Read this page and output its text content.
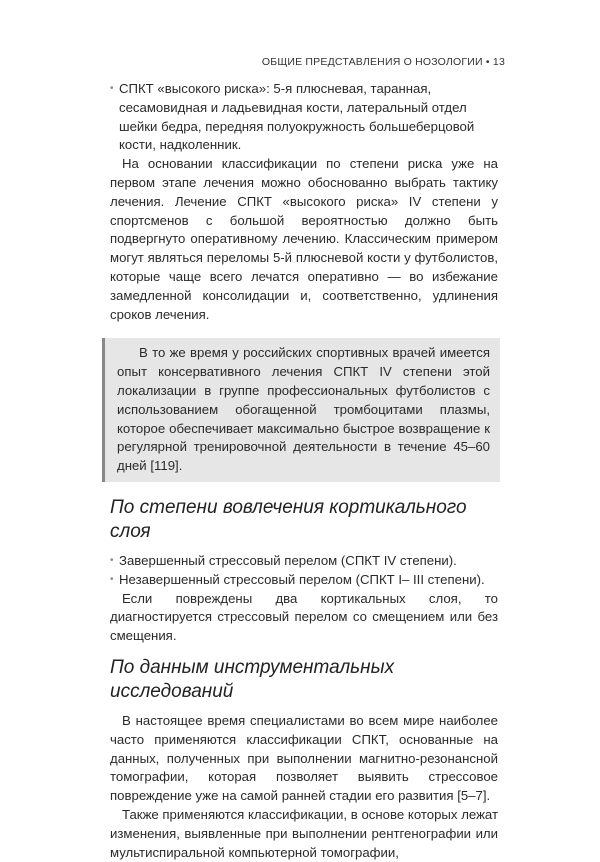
ОБЩИЕ ПРЕДСТАВЛЕНИЯ О НОЗОЛОГИИ • 13
• СПКТ «высокого риска»: 5-я плюсневая, таранная, сесамовидная и ладьевидная кости, латеральный отдел шейки бедра, передняя полуокружность большеберцовой кости, надколенник.

На основании классификации по степени риска уже на первом этапе лечения можно обоснованно выбрать тактику лечения. Лечение СПКТ «высокого риска» IV степени у спортсменов с большой вероятностью должно быть подвергнуто оперативному лечению. Классическим примером могут являться переломы 5-й плюсневой кости у футболистов, которые чаще всего лечатся оперативно — во избежание замедленной консолидации и, соответственно, удлинения сроков лечения.

В то же время у российских спортивных врачей имеется опыт консервативного лечения СПКТ IV степени этой локализации в группе профессиональных футболистов с использованием обогащенной тромбоцитами плазмы, которое обеспечивает максимально быстрое возвращение к регулярной тренировочной деятельности в течение 45–60 дней [119].

По степени вовлечения кортикального слоя
• Завершенный стрессовый перелом (СПКТ IV степени).

• Незавершенный стрессовый перелом (СПКТ I– III степени).

Если повреждены два кортикальных слоя, то диагностируется стрессовый перелом со смещением или без смещения.

По данным инструментальных исследований

В настоящее время специалистами во всем мире наиболее часто применяются классификации СПКТ, основанные на данных, полученных при выполнении магнитно-резонансной томографии, которая позволяет выявить стрессовое повреждение уже на самой ранней стадии его развития [5–7].

Также применяются классификации, в основе которых лежат изменения, выявленные при выполнении рентгенографии или мультиспиральной компьютерной томографии,
